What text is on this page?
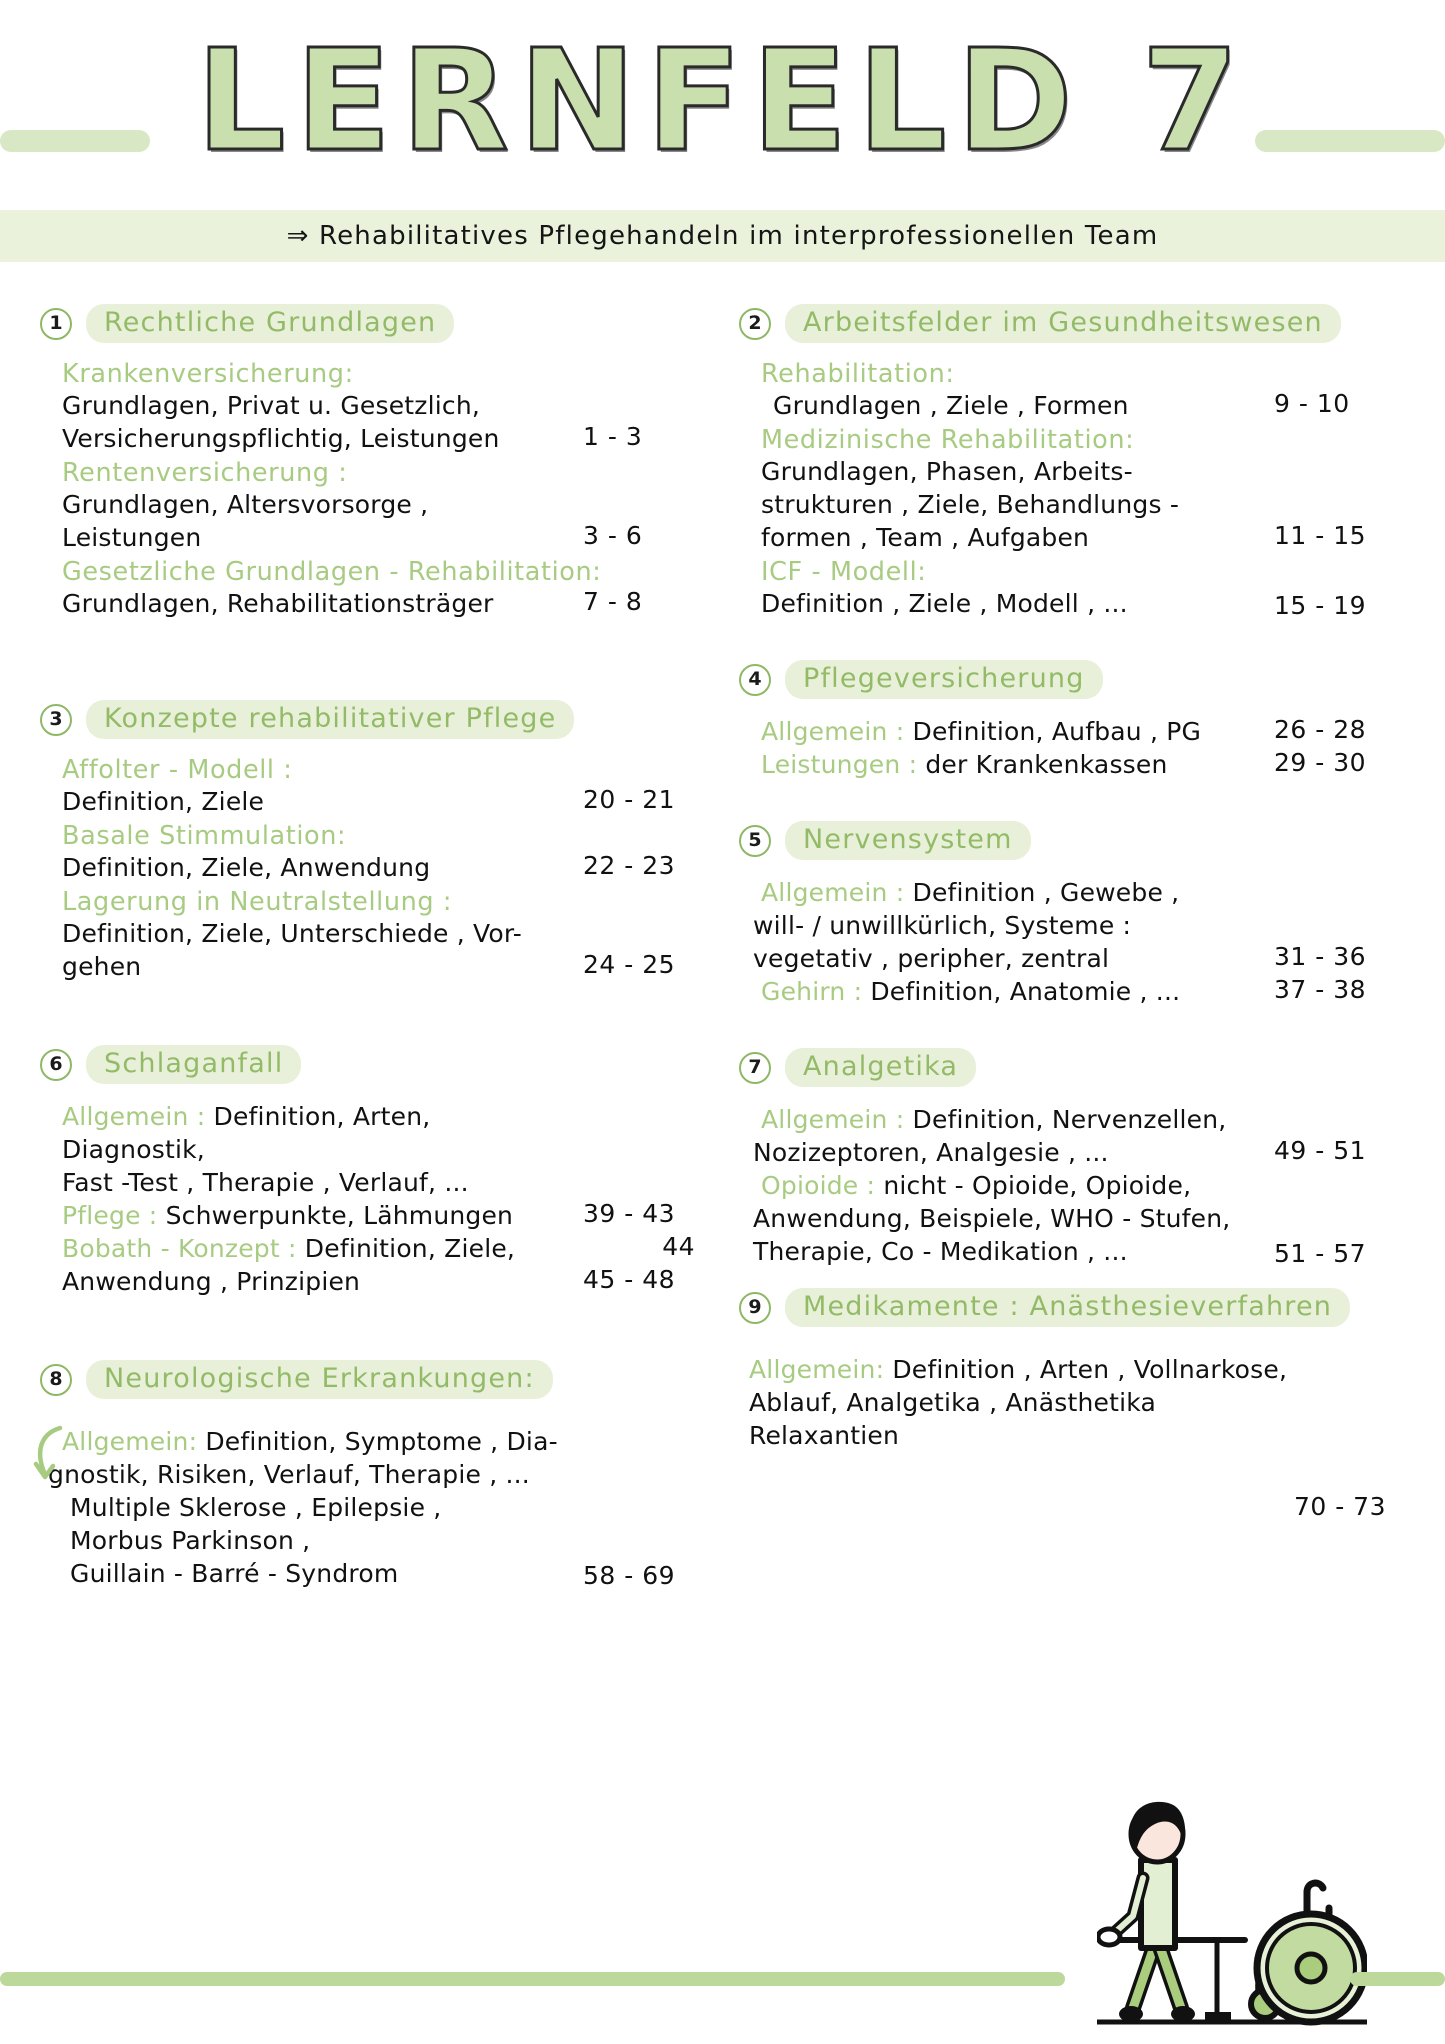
LERNFELD 7
⇒ Rehabilitatives Pflegehandeln im interprofessionellen Team
1	Rechtliche Grundlagen
Krankenversicherung:
Grundlagen, Privat u. Gesetzlich,
Versicherungspflichtig, Leistungen	1 - 3
Rentenversicherung :
Grundlagen, Altersvorsorge ,
Leistungen	3 - 6
Gesetzliche Grundlagen - Rehabilitation:
Grundlagen, Rehabilitationsträger	7 - 8
3	Konzepte rehabilitativer Pflege
Affolter - Modell :
Definition, Ziele	20 - 21
Basale Stimmulation:
Definition, Ziele, Anwendung	22 - 23
Lagerung in Neutralstellung :
Definition, Ziele, Unterschiede , Vor-
gehen	24 - 25
6	Schlaganfall
Allgemein : Definition, Arten, Diagnostik,
Fast -Test , Therapie , Verlauf, ...
Pflege : Schwerpunkte, Lähmungen	39 - 43
Bobath - Konzept : Definition, Ziele,	44
Anwendung , Prinzipien	45 - 48
8	Neurologische Erkrankungen:
Allgemein: Definition, Symptome , Dia-
gnostik, Risiken, Verlauf, Therapie , ...
Multiple Sklerose , Epilepsie ,
Morbus Parkinson ,
Guillain - Barré - Syndrom	58 - 69
2	Arbeitsfelder im Gesundheitswesen
Rehabilitation:
Grundlagen , Ziele , Formen	9 - 10
Medizinische Rehabilitation:
Grundlagen, Phasen, Arbeits-
strukturen , Ziele, Behandlungs -
formen , Team , Aufgaben	11 - 15
ICF - Modell:
Definition , Ziele , Modell , ...	15 - 19
4	Pflegeversicherung
Allgemein : Definition, Aufbau , PG	26 - 28
Leistungen : der Krankenkassen	29 - 30
5	Nervensystem
Allgemein : Definition , Gewebe ,
will- / unwillkürlich, Systeme :
vegetativ , peripher, zentral	31 - 36
Gehirn : Definition, Anatomie , ...	37 - 38
7	Analgetika
Allgemein : Definition, Nervenzellen,
Nozizeptoren, Analgesie , ...	49 - 51
Opioide : nicht - Opioide, Opioide,
Anwendung, Beispiele, WHO - Stufen,
Therapie, Co - Medikation , ...	51 - 57
9	Medikamente : Anästhesieverfahren
Allgemein: Definition , Arten , Vollnarkose,
Ablauf, Analgetika , Anästhetika
Relaxantien
70 - 73
